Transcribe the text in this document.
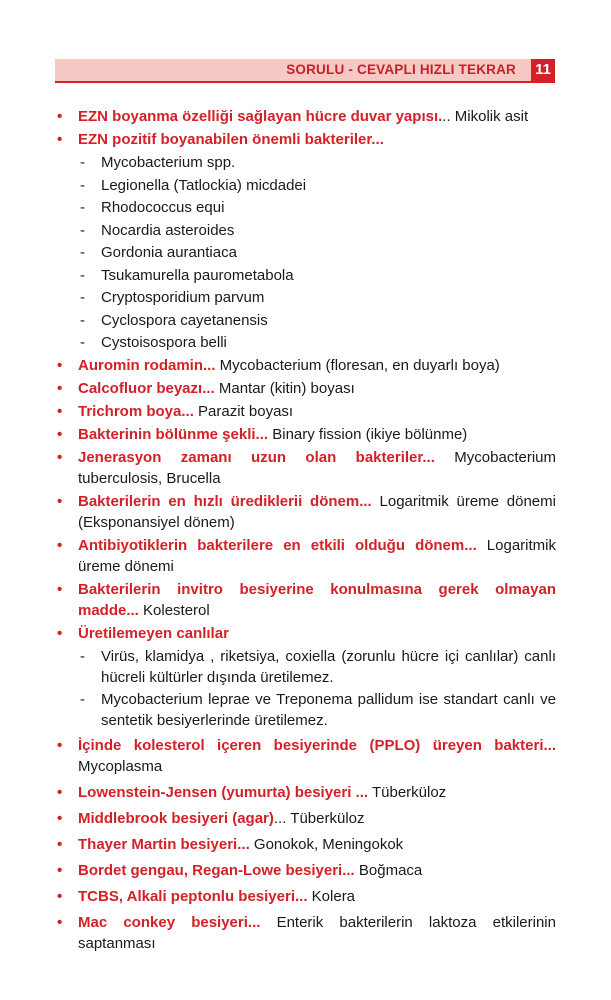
SORULU - CEVAPLI HIZLI TEKRAR 11
• EZN boyanma özelliği sağlayan hücre duvar yapısı... Mikolik asit
• EZN pozitif boyanabilen önemli bakteriler...
- Mycobacterium spp.
- Legionella (Tatlockia) micdadei
- Rhodococcus equi
- Nocardia asteroides
- Gordonia aurantiaca
- Tsukamurella paurometabola
- Cryptosporidium parvum
- Cyclospora cayetanensis
- Cystoisospora belli
• Auromin rodamin... Mycobacterium (floresan, en duyarlı boya)
• Calcofluor beyazı... Mantar (kitin) boyası
• Trichrom boya... Parazit boyası
• Bakterinin bölünme şekli... Binary fission (ikiye bölünme)
• Jenerasyon zamanı uzun olan bakteriler... Mycobacterium tuberculosis, Brucella
• Bakterilerin en hızlı ürediklerii dönem... Logaritmik üreme dönemi (Eksponansiyel dönem)
• Antibiyotiklerin bakterilere en etkili olduğu dönem... Logaritmik üreme dönemi
• Bakterilerin invitro besiyerine konulmasına gerek olmayan madde... Kolesterol
• Üretilemeyen canlılar
- Virüs, klamidya , riketsiya, coxiella (zorunlu hücre içi canlılar) canlı hücreli kültürler dışında üretilemez.
- Mycobacterium leprae ve Treponema pallidum ise standart canlı ve sentetik besiyerlerinde üretilemez.
• İçinde kolesterol içeren besiyerinde (PPLO) üreyen bakteri... Mycoplasma
• Lowenstein-Jensen (yumurta) besiyeri ... Tüberküloz
• Middlebrook besiyeri (agar)... Tüberküloz
• Thayer Martin besiyeri... Gonokok, Meningokok
• Bordet gengau, Regan-Lowe besiyeri... Boğmaca
• TCBS, Alkali peptonlu besiyeri... Kolera
• Mac conkey besiyeri... Enterik bakterilerin laktoza etkilerinin saptanması
